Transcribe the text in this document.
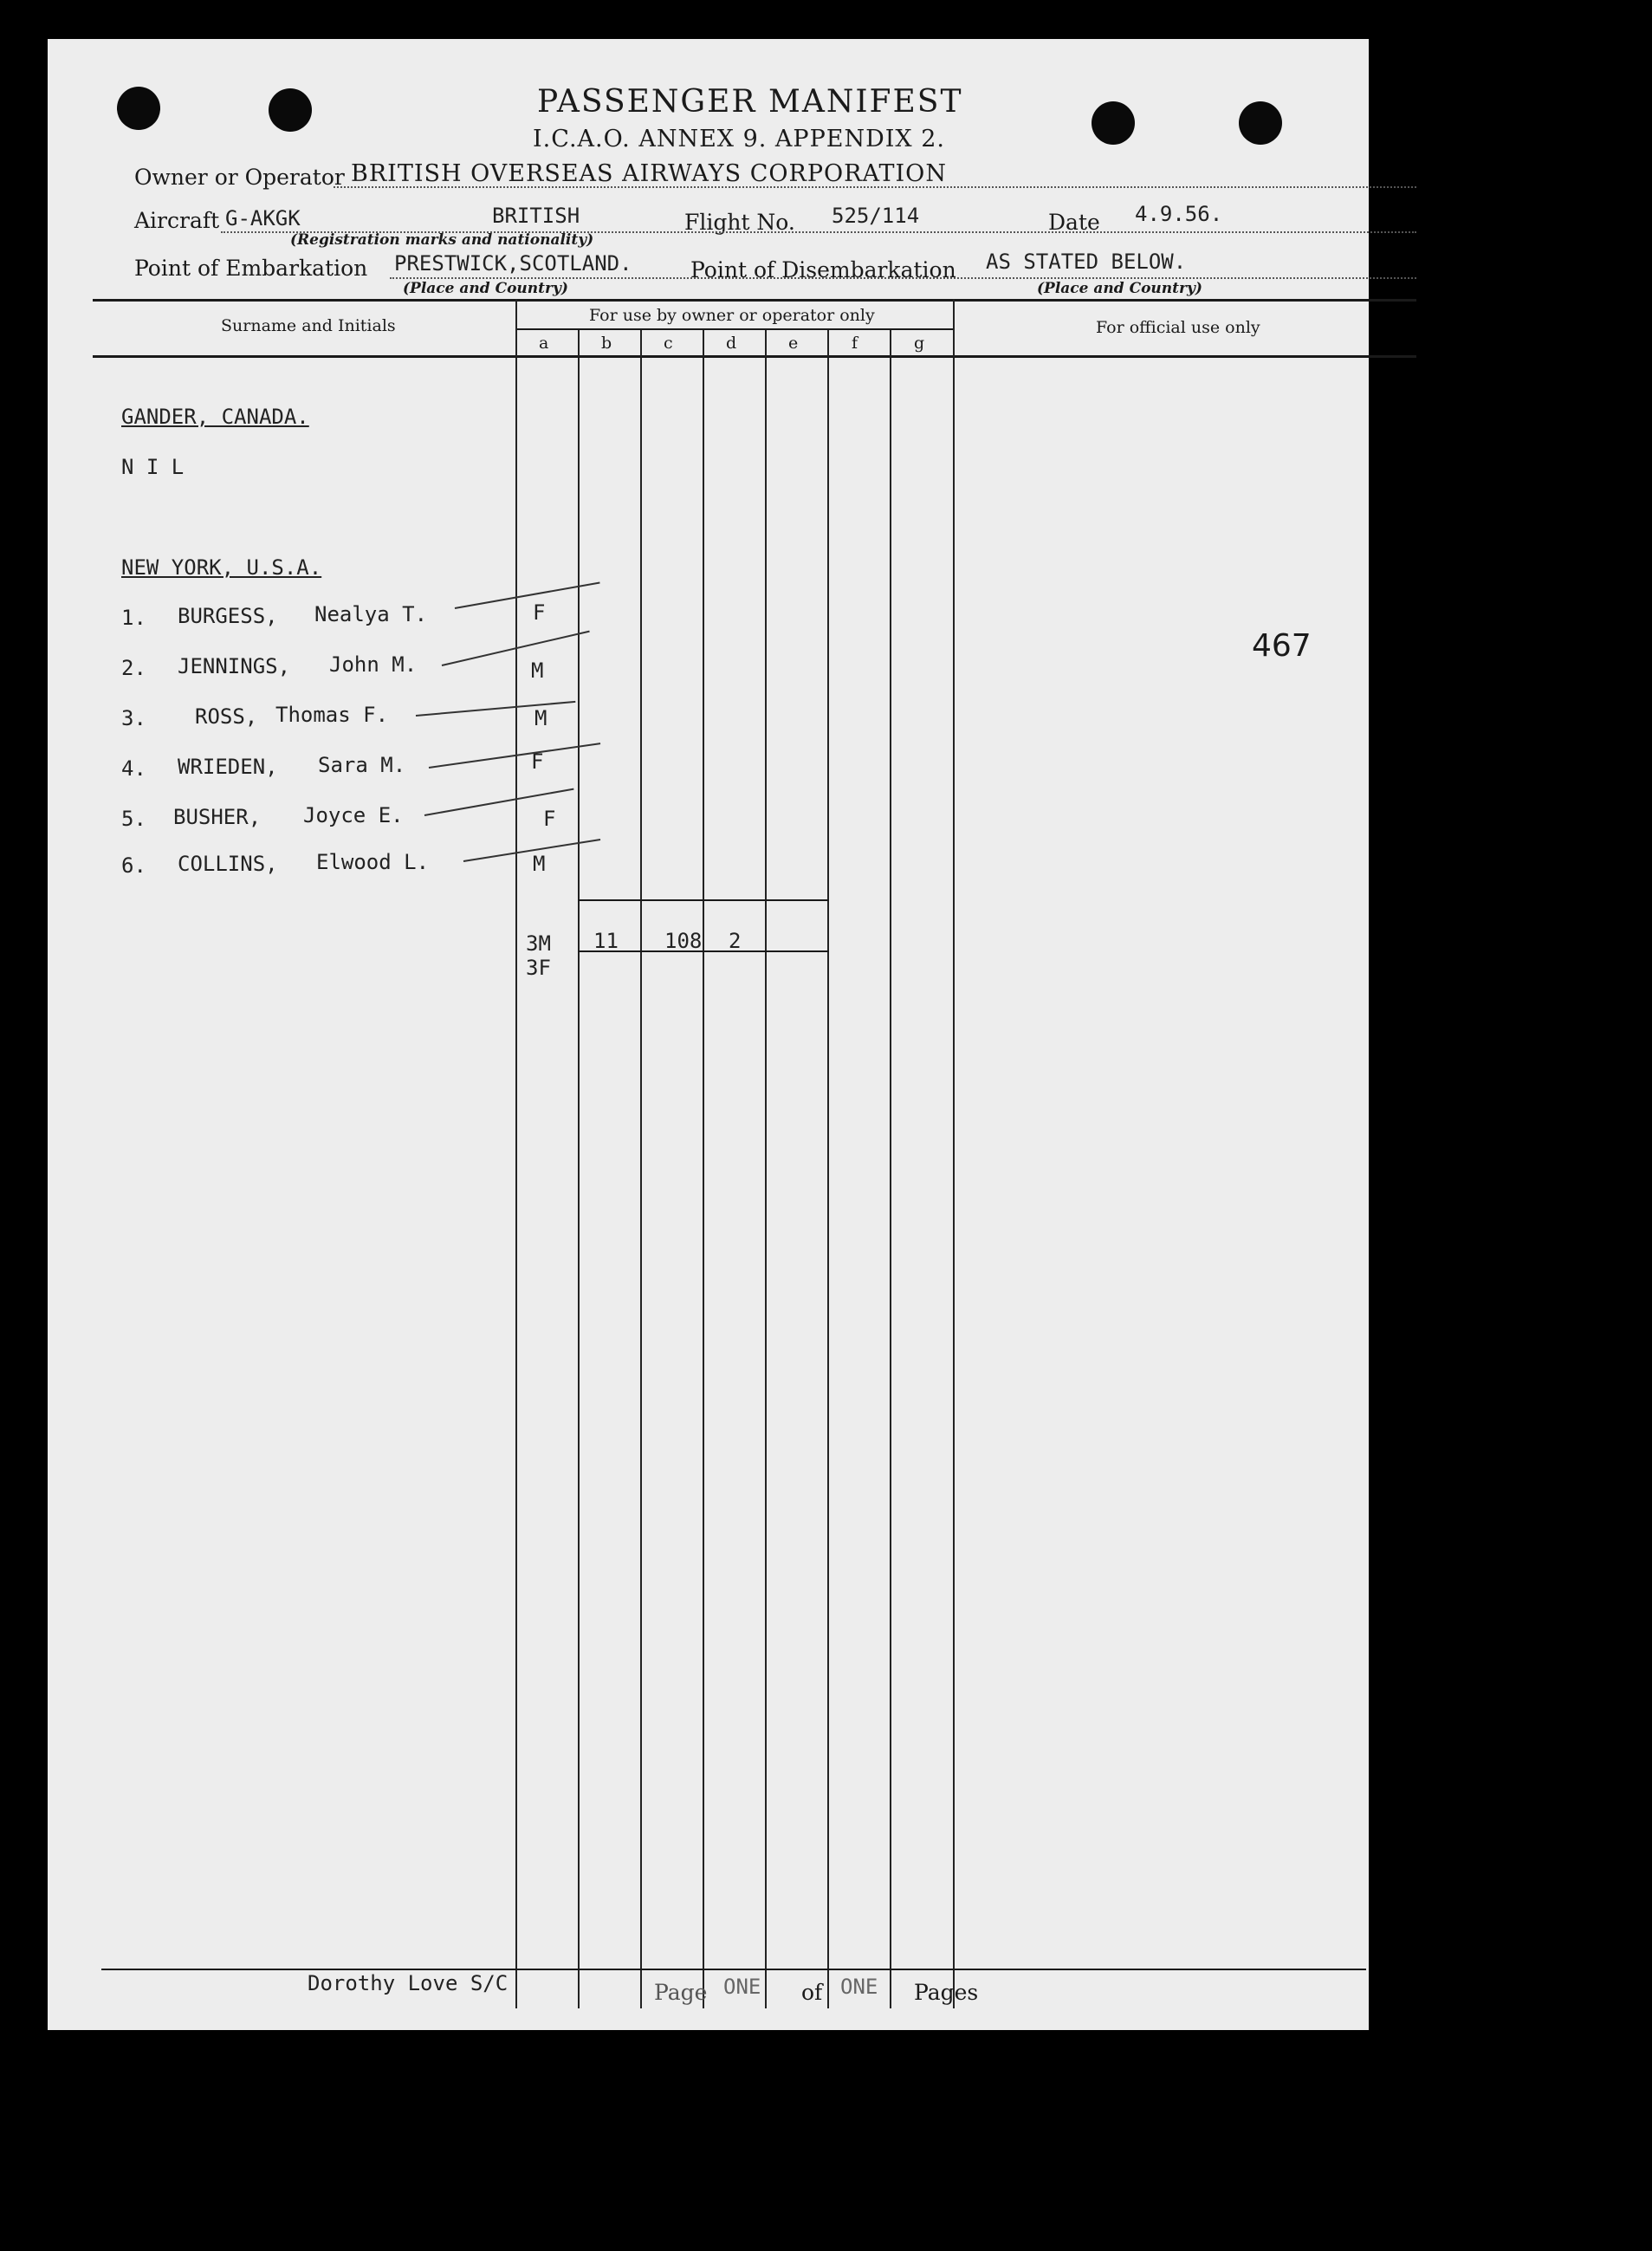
PASSENGER MANIFEST
I.C.A.O. ANNEX 9. APPENDIX 2.
Owner or Operator BRITISH OVERSEAS AIRWAYS CORPORATION
Aircraft G-AKGK	BRITISH	Flight No. 525/114	Date 4.9.56.
(Registration marks and nationality)
Point of Embarkation PRESTWICK,SCOTLAND.	Point of Disembarkation AS STATED BELOW.
(Place and Country)	(Place and Country)
Surname and Initials
For use by owner or operator only
For official use only
a	b	c	d	e	f	g
GANDER, CANADA.
N I L
NEW YORK, U.S.A.
1. BURGESS, Nealya T.	F
2. JENNINGS, John M.	M
3. ROSS, Thomas F.	M
4. WRIEDEN, Sara M.	F
5. BUSHER, Joyce E.	F
6. COLLINS, Elwood L.	M
3M
3F
11 108 2
467
Dorothy Love S/C	Page ONE of ONE Pages
